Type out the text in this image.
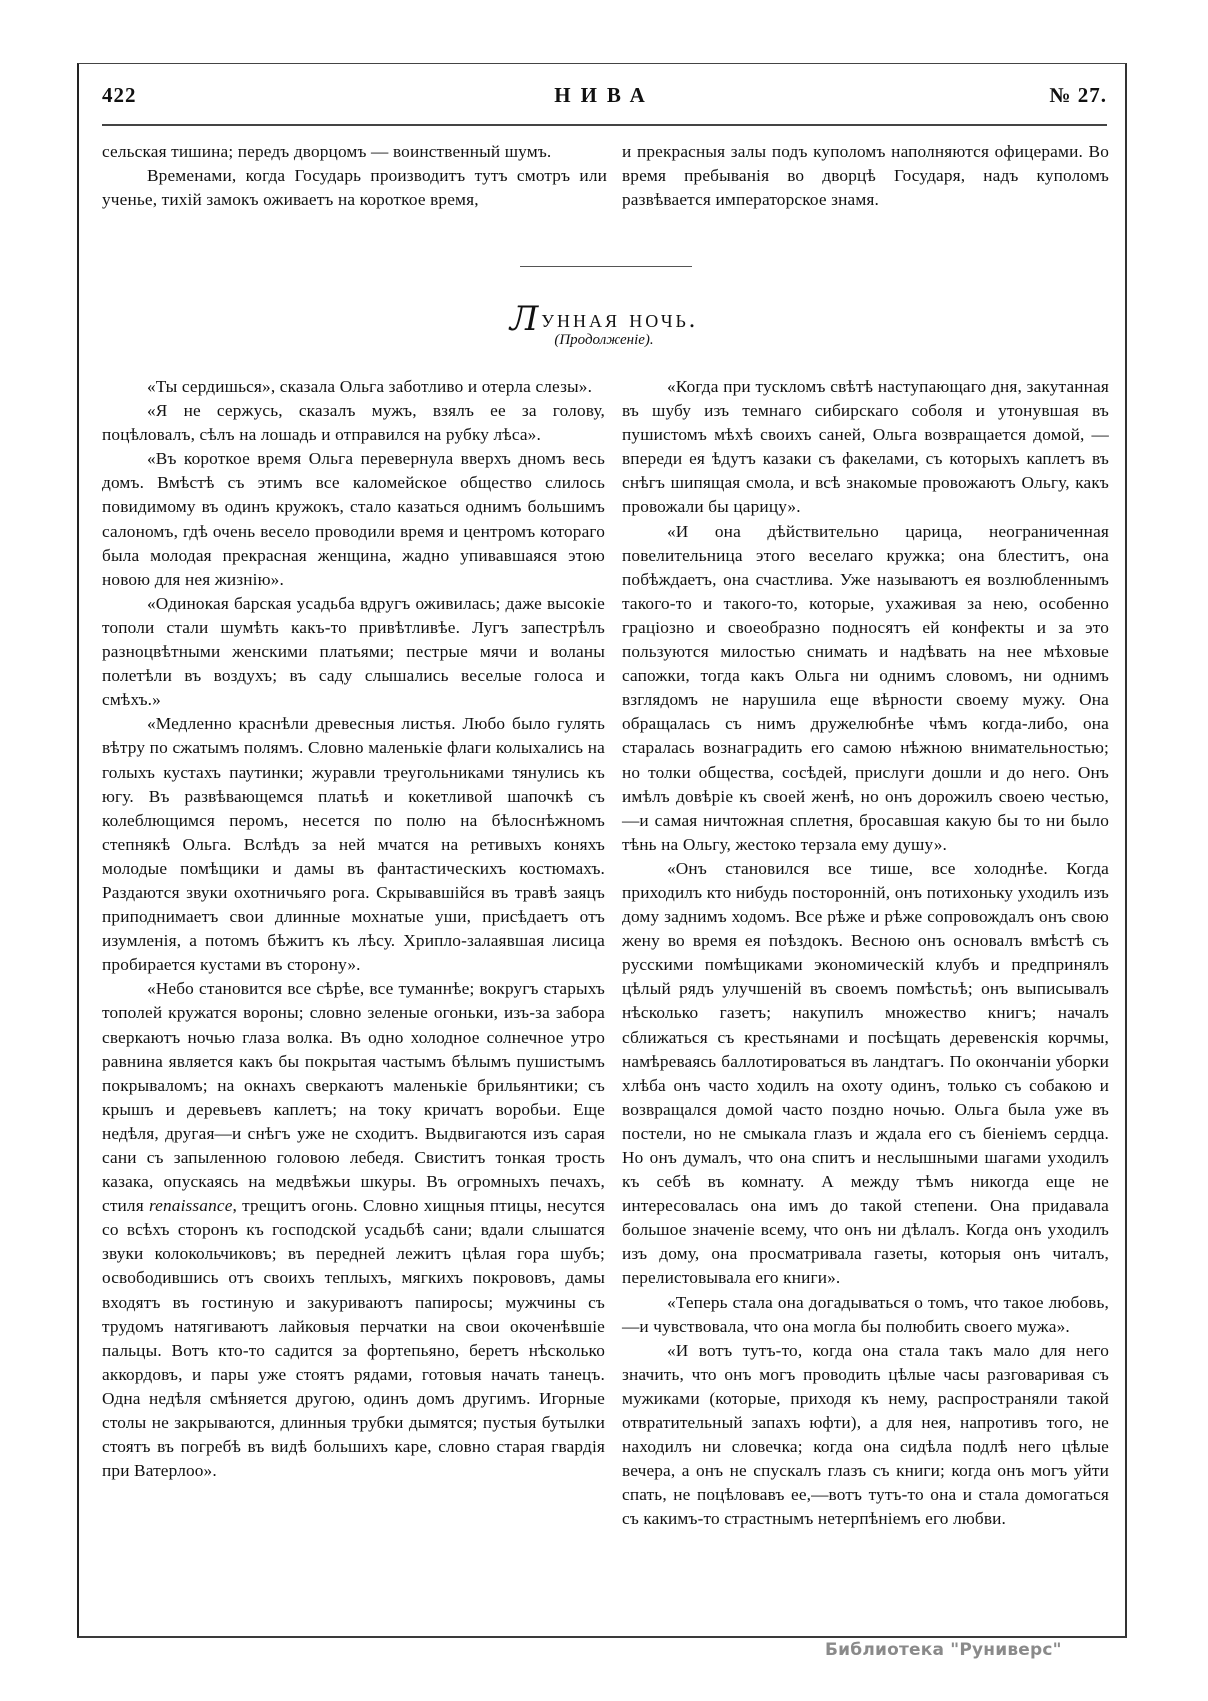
422	НИВА	№ 27.

сельская тишина; передъ дворцомъ — воинственный шумъ.

Временами, когда Государь производитъ тутъ смотръ или ученье, тихій замокъ оживаетъ на короткое время,

и прекрасныя залы подъ куполомъ наполняются офицерами. Во время пребыванія во дворцѣ Государя, надъ куполомъ развѣвается императорское знамя.

Лунная ночь.
(Продолженіе).

«Ты сердишься», сказала Ольга заботливо и отерла слезы».

«Я не сержусь, сказалъ мужъ, взялъ ее за голову, поцѣловалъ, сѣлъ на лошадь и отправился на рубку лѣса».

«Въ короткое время Ольга перевернула вверхъ дномъ весь домъ. Вмѣстѣ съ этимъ все каломейское общество слилось повидимому въ одинъ кружокъ, стало казаться однимъ большимъ салономъ, гдѣ очень весело проводили время и центромъ котораго была молодая прекрасная женщина, жадно упивавшаяся этою новою для нея жизнію».

«Одинокая барская усадьба вдругъ оживилась; даже высокіе тополи стали шумѣть какъ-то привѣтливѣе. Лугъ запестрѣлъ разноцвѣтными женскими платьями; пестрые мячи и воланы полетѣли въ воздухъ; въ саду слышались веселые голоса и смѣхъ.»

«Медленно краснѣли древесныя листья. Любо было гулять вѣтру по сжатымъ полямъ. Словно маленькіе флаги колыхались на голыхъ кустахъ паутинки; журавли треугольниками тянулись къ югу. Въ развѣвающемся платьѣ и кокетливой шапочкѣ съ колеблющимся перомъ, несется по полю на бѣлоснѣжномъ степнякѣ Ольга. Вслѣдъ за ней мчатся на ретивыхъ коняхъ молодые помѣщики и дамы въ фантастическихъ костюмахъ. Раздаются звуки охотничьяго рога. Скрывавшійся въ травѣ заяцъ приподнимаетъ свои длинные мохнатые уши, присѣдаетъ отъ изумленія, а потомъ бѣжитъ къ лѣсу. Хрипло-залаявшая лисица пробирается кустами въ сторону».

«Небо становится все сѣрѣе, все туманнѣе; вокругъ старыхъ тополей кружатся вороны; словно зеленые огоньки, изъ-за забора сверкаютъ ночью глаза волка. Въ одно холодное солнечное утро равнина является какъ бы покрытая частымъ бѣлымъ пушистымъ покрываломъ; на окнахъ сверкаютъ маленькіе брильянтики; съ крышъ и деревьевъ каплетъ; на току кричатъ воробьи. Еще недѣля, другая—и снѣгъ уже не сходитъ. Выдвигаются изъ сарая сани съ запыленною головою лебедя. Свиститъ тонкая трость казака, опускаясь на медвѣжьи шкуры. Въ огромныхъ печахъ, стиля renaissance, трещитъ огонь. Словно хищныя птицы, несутся со всѣхъ сторонъ къ господской усадьбѣ сани; вдали слышатся звуки колокольчиковъ; въ передней лежитъ цѣлая гора шубъ; освободившись отъ своихъ теплыхъ, мягкихъ покрововъ, дамы входятъ въ гостиную и закуриваютъ папиросы; мужчины съ трудомъ натягиваютъ лайковыя перчатки на свои окоченѣвшіе пальцы. Вотъ кто-то садится за фортепьяно, беретъ нѣсколько аккордовъ, и пары уже стоятъ рядами, готовыя начать танецъ. Одна недѣля смѣняется другою, одинъ домъ другимъ. Игорные столы не закрываются, длинныя трубки дымятся; пустыя бутылки стоятъ въ погребѣ въ видѣ большихъ каре, словно старая гвардія при Ватерлоо».

«Когда при тускломъ свѣтѣ наступающаго дня, закутанная въ шубу изъ темнаго сибирскаго соболя и утонувшая въ пушистомъ мѣхѣ своихъ саней, Ольга возвращается домой, — впереди ея ѣдутъ казаки съ факелами, съ которыхъ каплетъ въ снѣгъ шипящая смола, и всѣ знакомые провожаютъ Ольгу, какъ провожали бы царицу».

«И она дѣйствительно царица, неограниченная повелительница этого веселаго кружка; она блеститъ, она побѣждаетъ, она счастлива. Уже называютъ ея возлюбленнымъ такого-то и такого-то, которые, ухаживая за нею, особенно граціозно и своеобразно подносятъ ей конфекты и за это пользуются милостью снимать и надѣвать на нее мѣховые сапожки, тогда какъ Ольга ни однимъ словомъ, ни однимъ взглядомъ не нарушила еще вѣрности своему мужу. Она обращалась съ нимъ дружелюбнѣе чѣмъ когда-либо, она старалась вознаградить его самою нѣжною внимательностью; но толки общества, сосѣдей, прислуги дошли и до него. Онъ имѣлъ довѣріе къ своей женѣ, но онъ дорожилъ своею честью,—и самая ничтожная сплетня, бросавшая какую бы то ни было тѣнь на Ольгу, жестоко терзала ему душу».

«Онъ становился все тише, все холоднѣе. Когда приходилъ кто нибудь посторонній, онъ потихоньку уходилъ изъ дому заднимъ ходомъ. Все рѣже и рѣже сопровождалъ онъ свою жену во время ея поѣздокъ. Весною онъ основалъ вмѣстѣ съ русскими помѣщиками экономическій клубъ и предпринялъ цѣлый рядъ улучшеній въ своемъ помѣстьѣ; онъ выписывалъ нѣсколько газетъ; накупилъ множество книгъ; началъ сближаться съ крестьянами и посѣщать деревенскія корчмы, намѣреваясь баллотироваться въ ландтагъ. По окончаніи уборки хлѣба онъ часто ходилъ на охоту одинъ, только съ собакою и возвращался домой часто поздно ночью. Ольга была уже въ постели, но не смыкала глазъ и ждала его съ біеніемъ сердца. Но онъ думалъ, что она спитъ и неслышными шагами уходилъ къ себѣ въ комнату. А между тѣмъ никогда еще не интересовалась она имъ до такой степени. Она придавала большое значеніе всему, что онъ ни дѣлалъ. Когда онъ уходилъ изъ дому, она просматривала газеты, которыя онъ читалъ, перелистовывала его книги».

«Теперь стала она догадываться о томъ, что такое любовь,—и чувствовала, что она могла бы полюбить своего мужа».

«И вотъ тутъ-то, когда она стала такъ мало для него значить, что онъ могъ проводить цѣлые часы разговаривая съ мужиками (которые, приходя къ нему, распространяли такой отвратительный запахъ юфти), а для нея, напротивъ того, не находилъ ни словечка; когда она сидѣла подлѣ него цѣлые вечера, а онъ не спускалъ глазъ съ книги; когда онъ могъ уйти спать, не поцѣловавъ ее,—вотъ тутъ-то она и стала домогаться съ какимъ-то страстнымъ нетерпѣніемъ его любви.

Библиотека "Руниверс"
